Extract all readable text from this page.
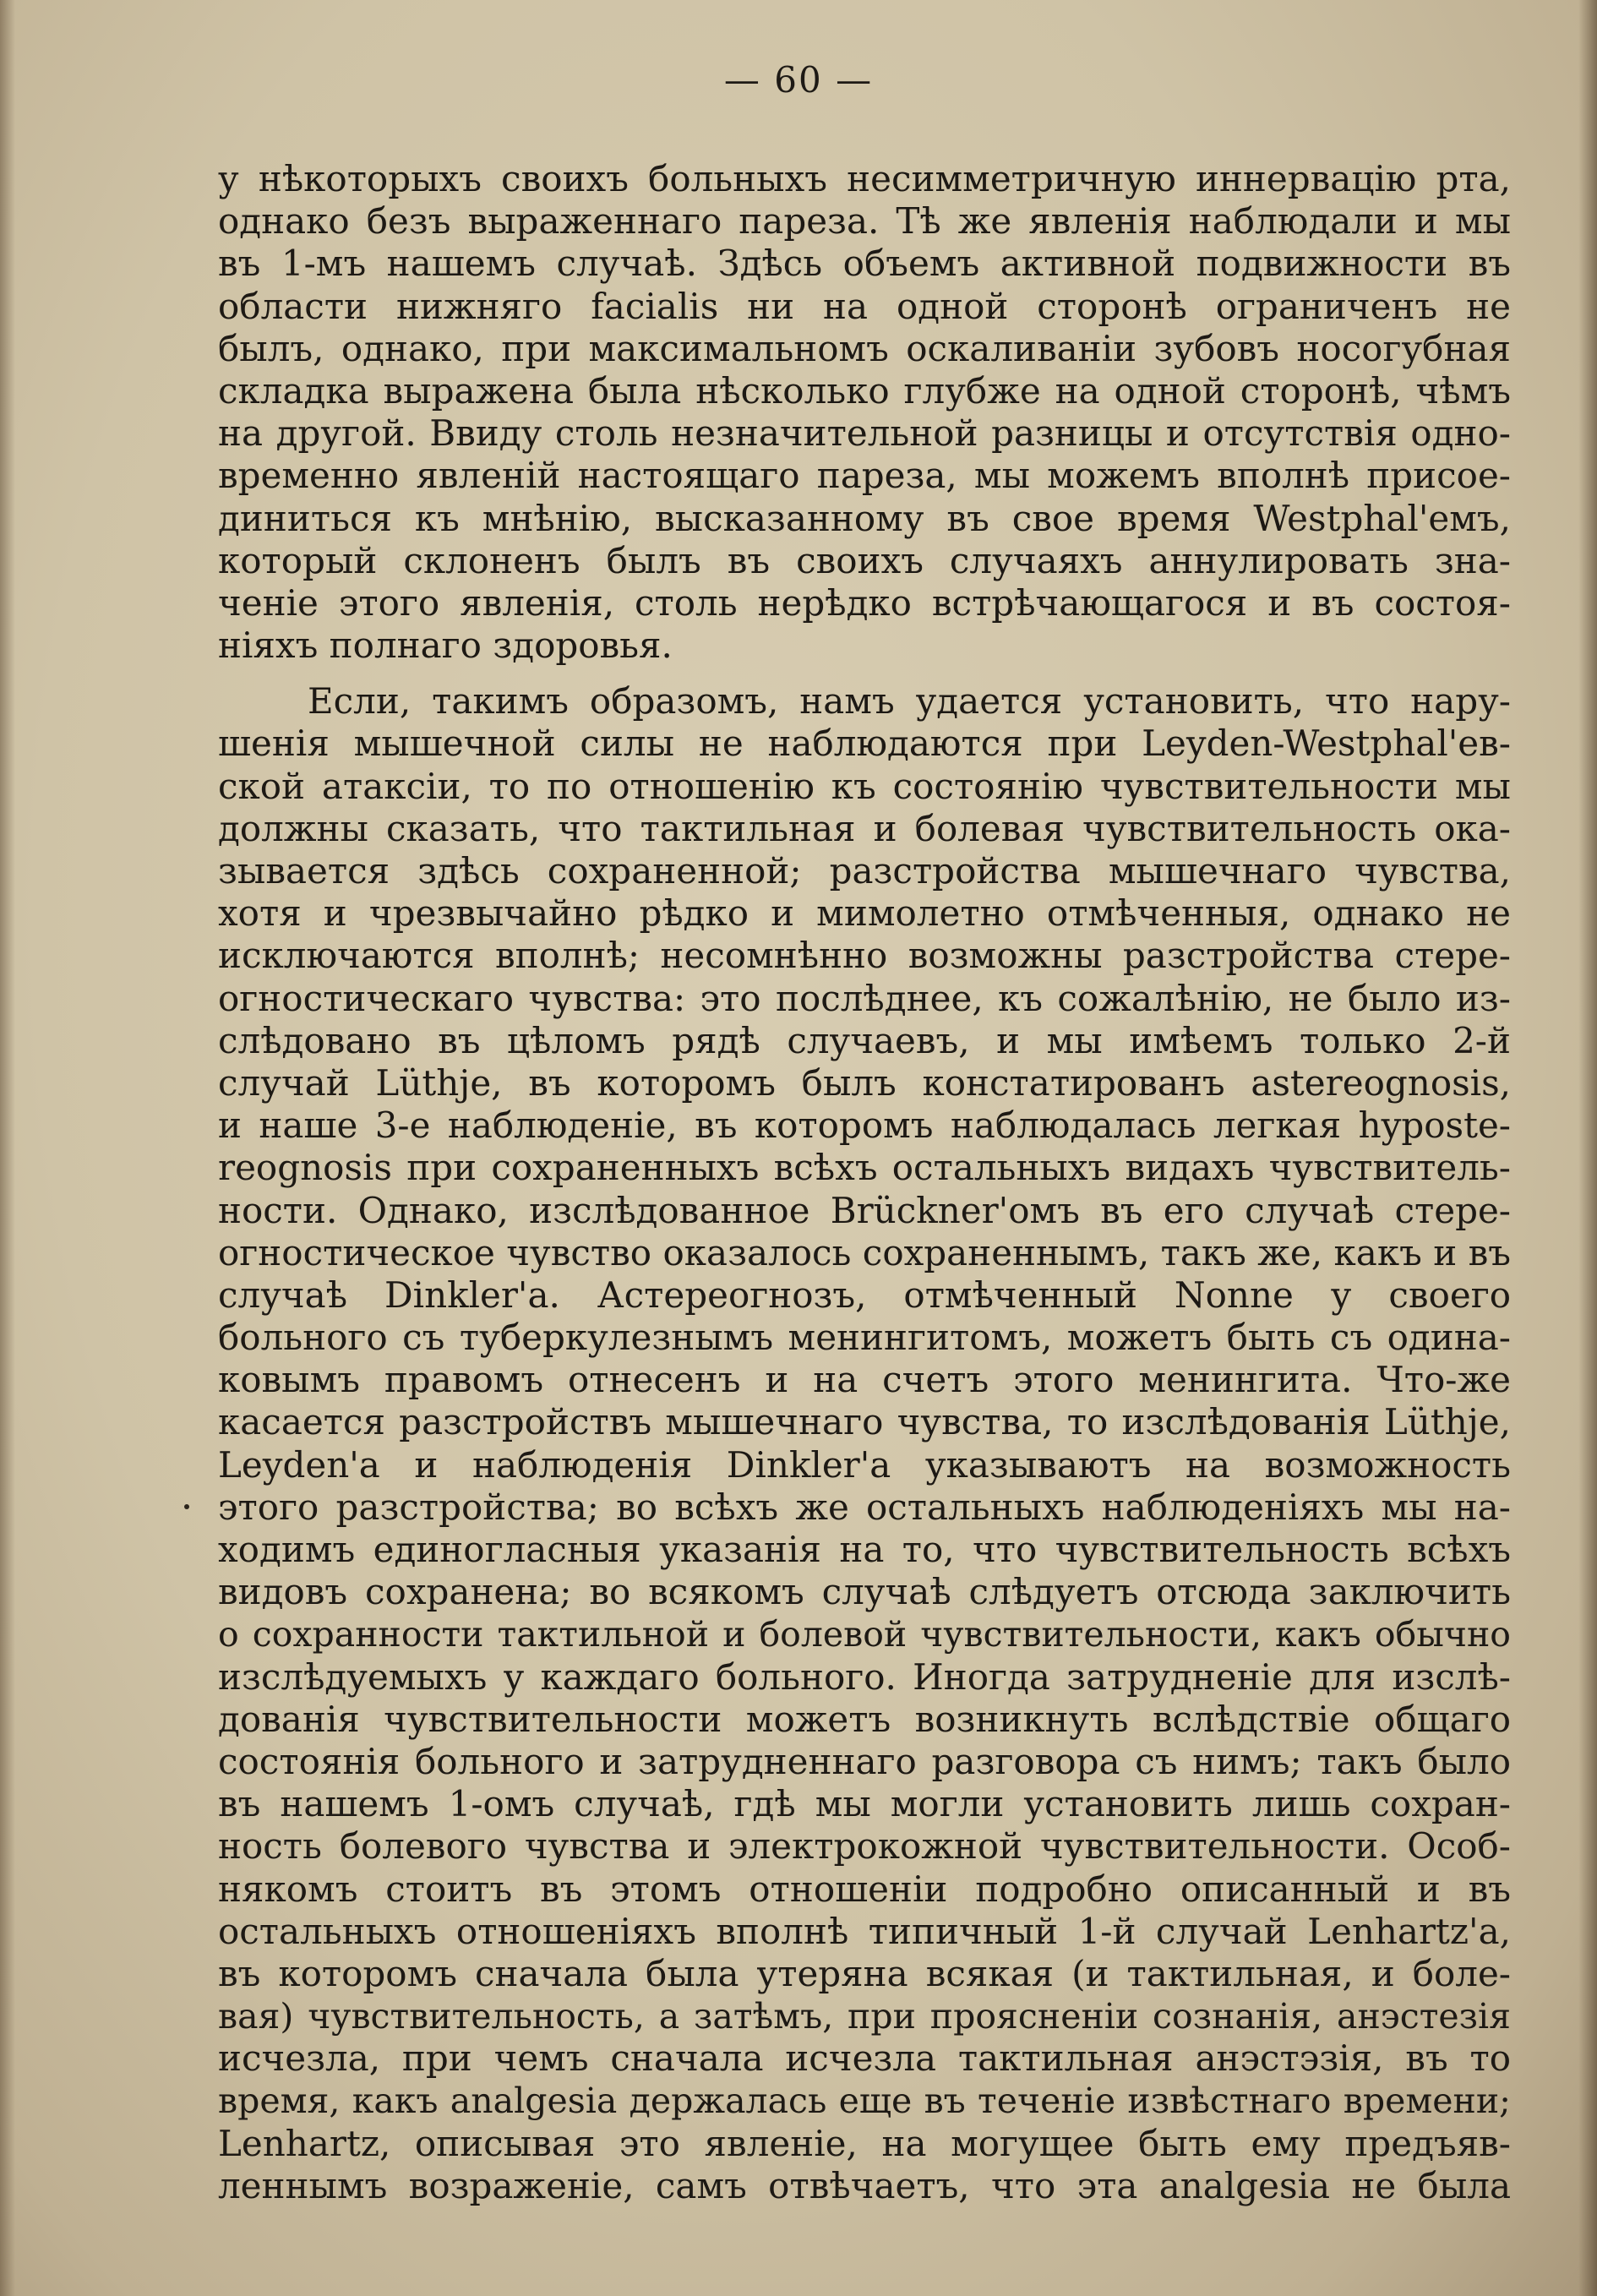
— 60 —
у нѣкоторыхъ своихъ больныхъ несимметричную иннервацію рта,
однако безъ выраженнаго пареза. Тѣ же явленія наблюдали и мы
въ 1-мъ нашемъ случаѣ. Здѣсь объемъ активной подвижности въ
области нижняго facialis ни на одной сторонѣ ограниченъ не
былъ, однако, при максимальномъ оскаливаніи зубовъ носогубная
складка выражена была нѣсколько глубже на одной сторонѣ, чѣмъ
на другой. Ввиду столь незначительной разницы и отсутствія одно-
временно явленій настоящаго пареза, мы можемъ вполнѣ присое-
диниться къ мнѣнію, высказанному въ свое время Westphal'емъ,
который склоненъ былъ въ своихъ случаяхъ аннулировать зна-
ченіе этого явленія, столь нерѣдко встрѣчающагося и въ состоя-
ніяхъ полнаго здоровья.
Если, такимъ образомъ, намъ удается установить, что нару-
шенія мышечной силы не наблюдаются при Leyden-Westphal'ев-
ской атаксіи, то по отношенію къ состоянію чувствительности мы
должны сказать, что тактильная и болевая чувствительность ока-
зывается здѣсь сохраненной; разстройства мышечнаго чувства,
хотя и чрезвычайно рѣдко и мимолетно отмѣченныя, однако не
исключаются вполнѣ; несомнѣнно возможны разстройства стере-
огностическаго чувства: это послѣднее, къ сожалѣнію, не было из-
слѣдовано въ цѣломъ рядѣ случаевъ, и мы имѣемъ только 2-й
случай Lüthje, въ которомъ былъ констатированъ astereognosis,
и наше 3-е наблюденіе, въ которомъ наблюдалась легкая hyposte-
reognosis при сохраненныхъ всѣхъ остальныхъ видахъ чувствитель-
ности. Однако, изслѣдованное Brückner'омъ въ его случаѣ стере-
огностическое чувство оказалось сохраненнымъ, такъ же, какъ и въ
случаѣ Dinkler'a. Астереогнозъ, отмѣченный Nonne у своего
больного съ туберкулезнымъ менингитомъ, можетъ быть съ одина-
ковымъ правомъ отнесенъ и на счетъ этого менингита. Что-же
касается разстройствъ мышечнаго чувства, то изслѣдованія Lüthje,
Leyden'a и наблюденія Dinkler'a указываютъ на возможность
этого разстройства; во всѣхъ же остальныхъ наблюденіяхъ мы на-
ходимъ единогласныя указанія на то, что чувствительность всѣхъ
видовъ сохранена; во всякомъ случаѣ слѣдуетъ отсюда заключить
о сохранности тактильной и болевой чувствительности, какъ обычно
изслѣдуемыхъ у каждаго больного. Иногда затрудненіе для изслѣ-
дованія чувствительности можетъ возникнуть вслѣдствіе общаго
состоянія больного и затрудненнаго разговора съ нимъ; такъ было
въ нашемъ 1-омъ случаѣ, гдѣ мы могли установить лишь сохран-
ность болевого чувства и электрокожной чувствительности. Особ-
някомъ стоитъ въ этомъ отношеніи подробно описанный и въ
остальныхъ отношеніяхъ вполнѣ типичный 1-й случай Lenhartz'a,
въ которомъ сначала была утеряна всякая (и тактильная, и боле-
вая) чувствительность, а затѣмъ, при проясненіи сознанія, анэстезія
исчезла, при чемъ сначала исчезла тактильная анэстэзія, въ то
время, какъ analgesia держалась еще въ теченіе извѣстнаго времени;
Lenhartz, описывая это явленіе, на могущее быть ему предъяв-
леннымъ возраженіе, самъ отвѣчаетъ, что эта analgesia не была
